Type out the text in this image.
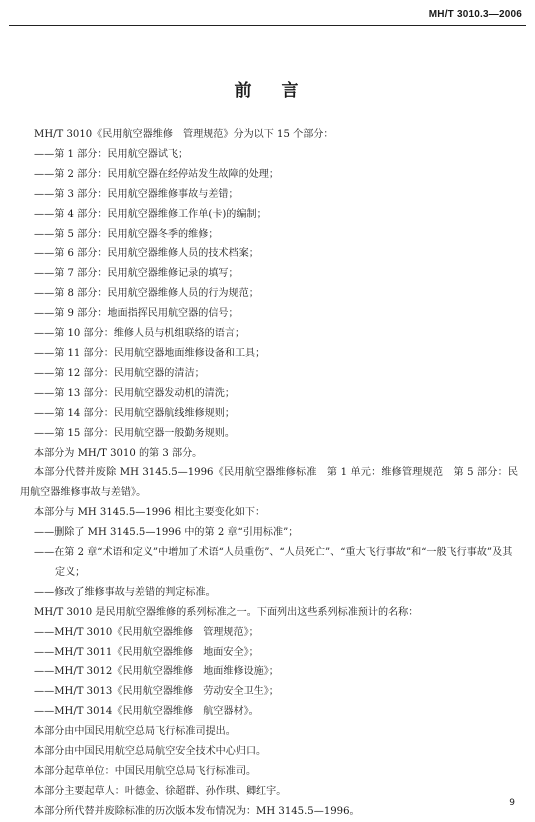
MH/T 3010.3—2006
前 言

MH/T 3010《民用航空器维修　管理规范》分为以下 15 个部分：

——第 1 部分：民用航空器试飞；

——第 2 部分：民用航空器在经停站发生故障的处理；

——第 3 部分：民用航空器维修事故与差错；

——第 4 部分：民用航空器维修工作单(卡)的编制；

——第 5 部分：民用航空器冬季的维修；

——第 6 部分：民用航空器维修人员的技术档案；

——第 7 部分：民用航空器维修记录的填写；

——第 8 部分：民用航空器维修人员的行为规范；

——第 9 部分：地面指挥民用航空器的信号；

——第 10 部分：维修人员与机组联络的语言；

——第 11 部分：民用航空器地面维修设备和工具；

——第 12 部分：民用航空器的清洁；

——第 13 部分：民用航空器发动机的清洗；

——第 14 部分：民用航空器航线维修规则；

——第 15 部分：民用航空器一般勤务规则。

本部分为 MH/T 3010 的第 3 部分。

本部分代替并废除 MH 3145.5—1996《民用航空器维修标准　第 1 单元：维修管理规范　第 5 部分：民用航空器维修事故与差错》。

本部分与 MH 3145.5—1996 相比主要变化如下：

——删除了 MH 3145.5—1996 中的第 2 章“引用标准”；

——在第 2 章“术语和定义”中增加了术语“人员重伤”、“人员死亡”、“重大飞行事故”和“一般飞行事故”及其定义；

——修改了维修事故与差错的判定标准。

MH/T 3010 是民用航空器维修的系列标准之一。下面列出这些系列标准预计的名称：

——MH/T 3010《民用航空器维修　管理规范》；

——MH/T 3011《民用航空器维修　地面安全》；

——MH/T 3012《民用航空器维修　地面维修设施》；

——MH/T 3013《民用航空器维修　劳动安全卫生》；

——MH/T 3014《民用航空器维修　航空器材》。

本部分由中国民用航空总局飞行标准司提出。

本部分由中国民用航空总局航空安全技术中心归口。

本部分起草单位：中国民用航空总局飞行标准司。

本部分主要起草人：叶德金、徐超群、孙作琪、卿红宇。

本部分所代替并废除标准的历次版本发布情况为：MH 3145.5—1996。

9
